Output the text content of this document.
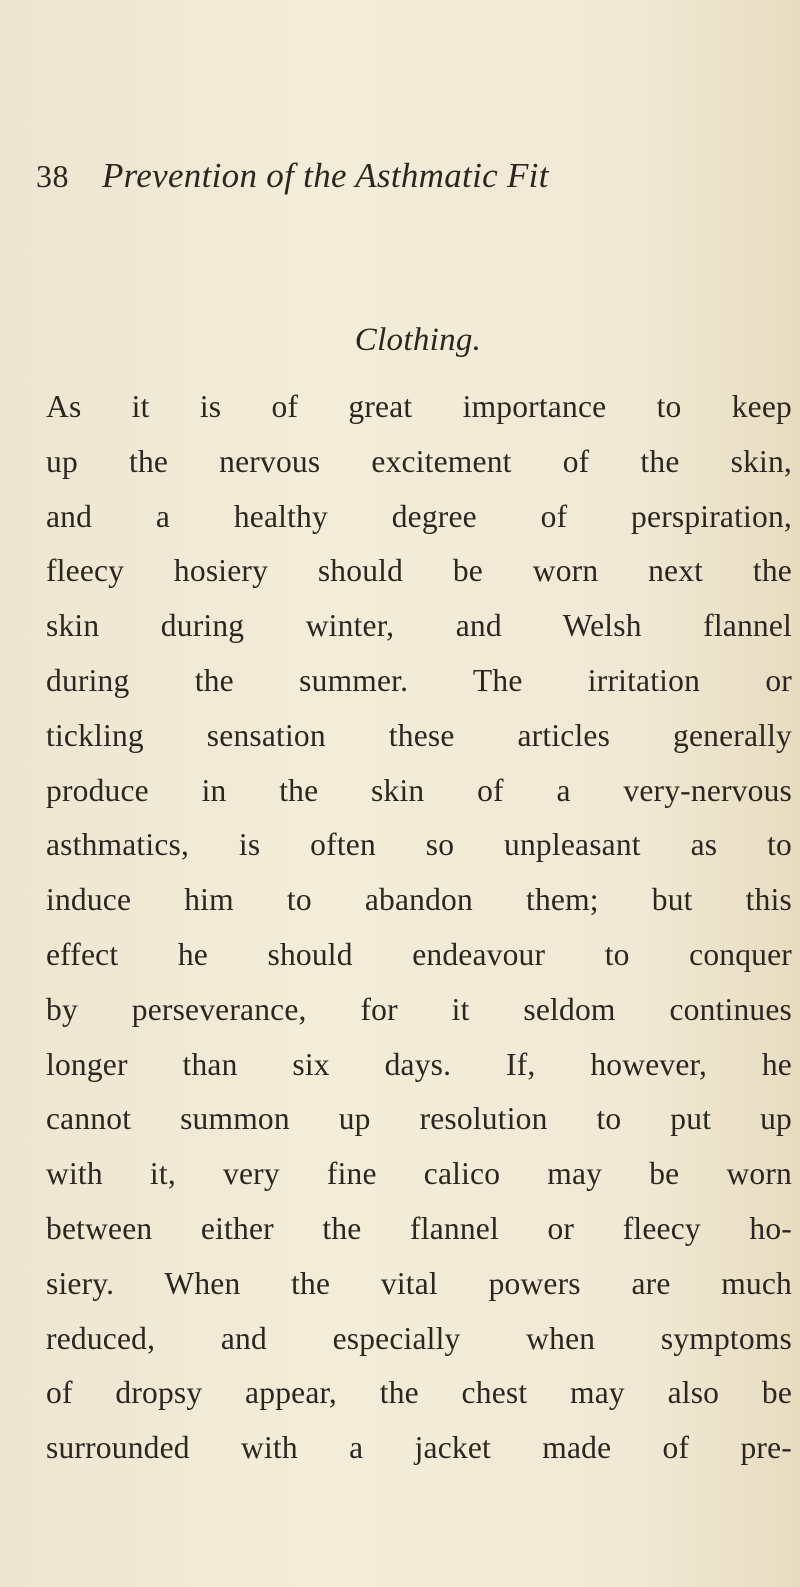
38 Prevention of the Asthmatic Fit
Clothing.
As it is of great importance to keep
up the nervous excitement of the skin,
and a healthy degree of perspiration,
fleecy hosiery should be worn next the
skin during winter, and Welsh flannel
during the summer. The irritation or
tickling sensation these articles generally
produce in the skin of a very-nervous
asthmatics, is often so unpleasant as to
induce him to abandon them; but this
effect he should endeavour to conquer
by perseverance, for it seldom continues
longer than six days. If, however, he
cannot summon up resolution to put up
with it, very fine calico may be worn
between either the flannel or fleecy ho-
siery. When the vital powers are much
reduced, and especially when symptoms
of dropsy appear, the chest may also be
surrounded with a jacket made of pre-
